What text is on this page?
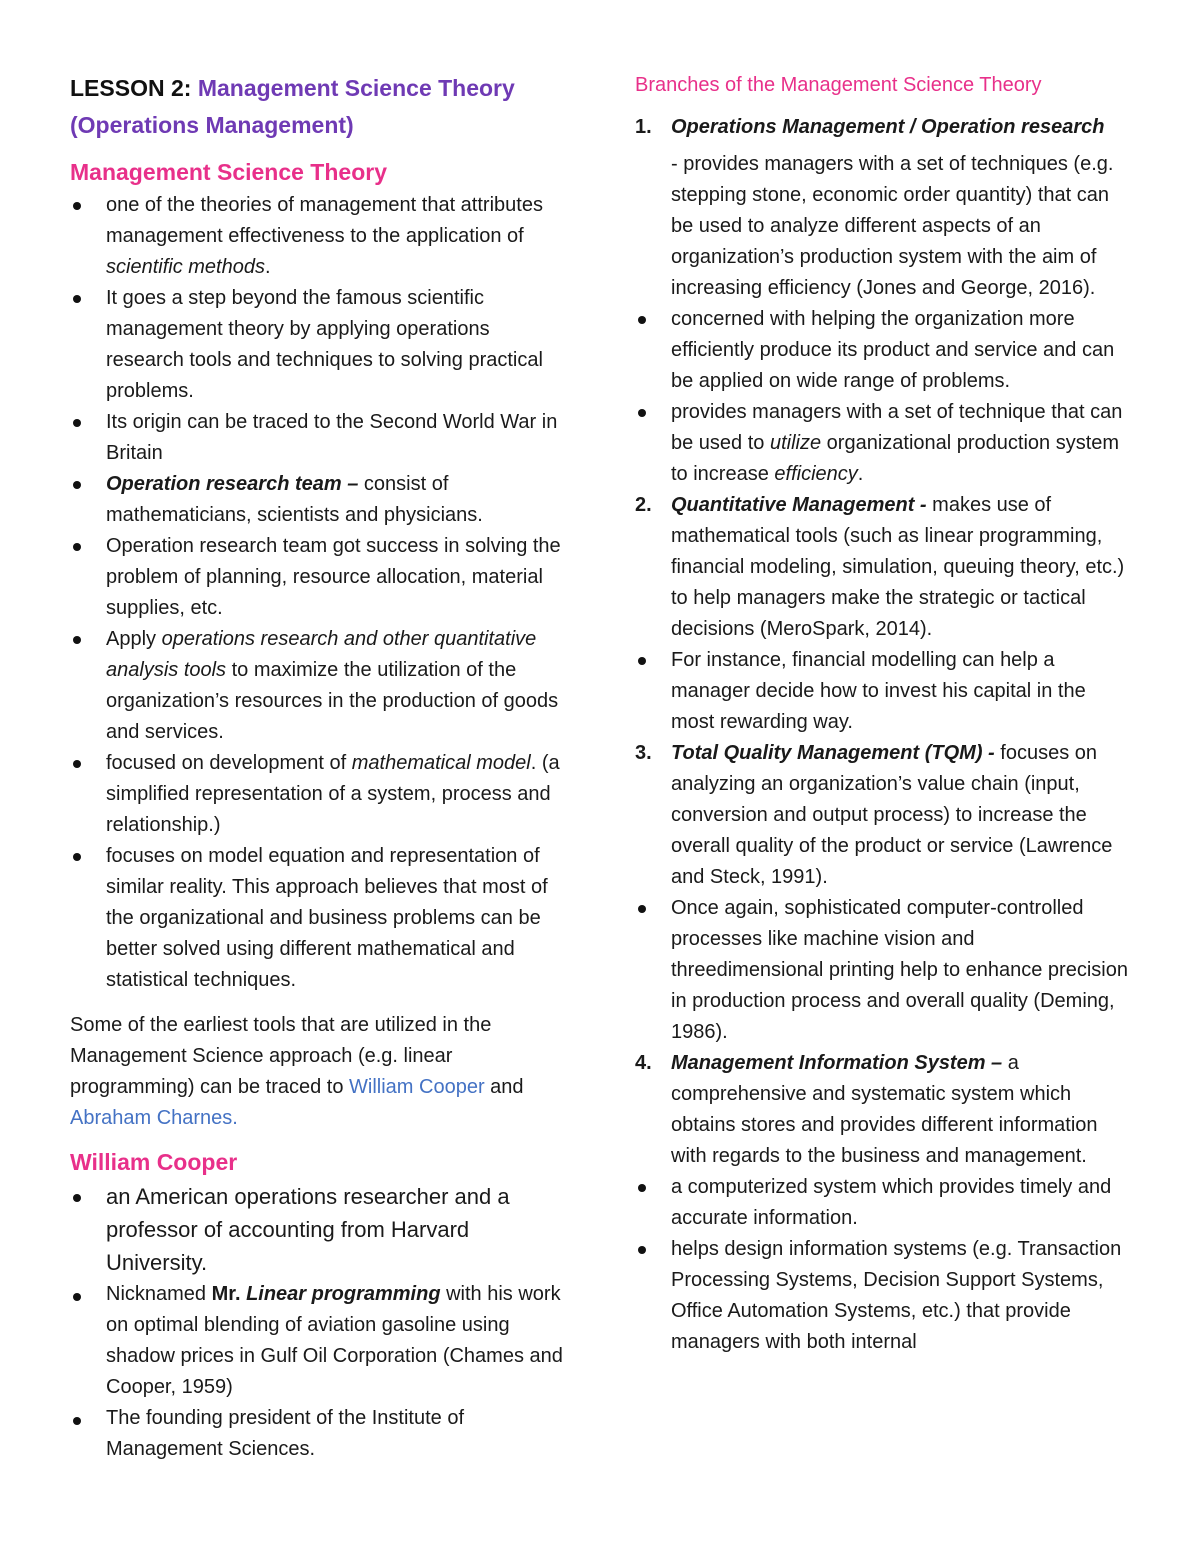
LESSON 2: Management Science Theory
(Operations Management)

Management Science Theory
one of the theories of management that attributes management effectiveness to the application of scientific methods.
It goes a step beyond the famous scientific management theory by applying operations research tools and techniques to solving practical problems.
Its origin can be traced to the Second World War in Britain
Operation research team – consist of mathematicians, scientists and physicians.
Operation research team got success in solving the problem of planning, resource allocation, material supplies, etc.
Apply operations research and other quantitative analysis tools to maximize the utilization of the organization’s resources in the production of goods and services.
focused on development of mathematical model. (a simplified representation of a system, process and relationship.)
focuses on model equation and representation of similar reality. This approach believes that most of the organizational and business problems can be better solved using different mathematical and statistical techniques.

Some of the earliest tools that are utilized in the Management Science approach (e.g. linear programming) can be traced to William Cooper and Abraham Charnes.

William Cooper
an American operations researcher and a professor of accounting from Harvard University.
Nicknamed Mr. Linear programming with his work on optimal blending of aviation gasoline using shadow prices in Gulf Oil Corporation (Chames and Cooper, 1959)
The founding president of the Institute of Management Sciences.
Branches of the Management Science Theory
1. Operations Management / Operation research
- provides managers with a set of techniques (e.g. stepping stone, economic order quantity) that can be used to analyze different aspects of an organization’s production system with the aim of increasing efficiency (Jones and George, 2016).
concerned with helping the organization more efficiently produce its product and service and can be applied on wide range of problems.
provides managers with a set of technique that can be used to utilize organizational production system to increase efficiency.
2. Quantitative Management - makes use of mathematical tools (such as linear programming, financial modeling, simulation, queuing theory, etc.) to help managers make the strategic or tactical decisions (MeroSpark, 2014).
For instance, financial modelling can help a manager decide how to invest his capital in the most rewarding way.
3. Total Quality Management (TQM) - focuses on analyzing an organization’s value chain (input, conversion and output process) to increase the overall quality of the product or service (Lawrence and Steck, 1991).
Once again, sophisticated computer-controlled processes like machine vision and threedimensional printing help to enhance precision in production process and overall quality (Deming, 1986).
4. Management Information System – a comprehensive and systematic system which obtains stores and provides different information with regards to the business and management.
a computerized system which provides timely and accurate information.
helps design information systems (e.g. Transaction Processing Systems, Decision Support Systems, Office Automation Systems, etc.) that provide managers with both internal
